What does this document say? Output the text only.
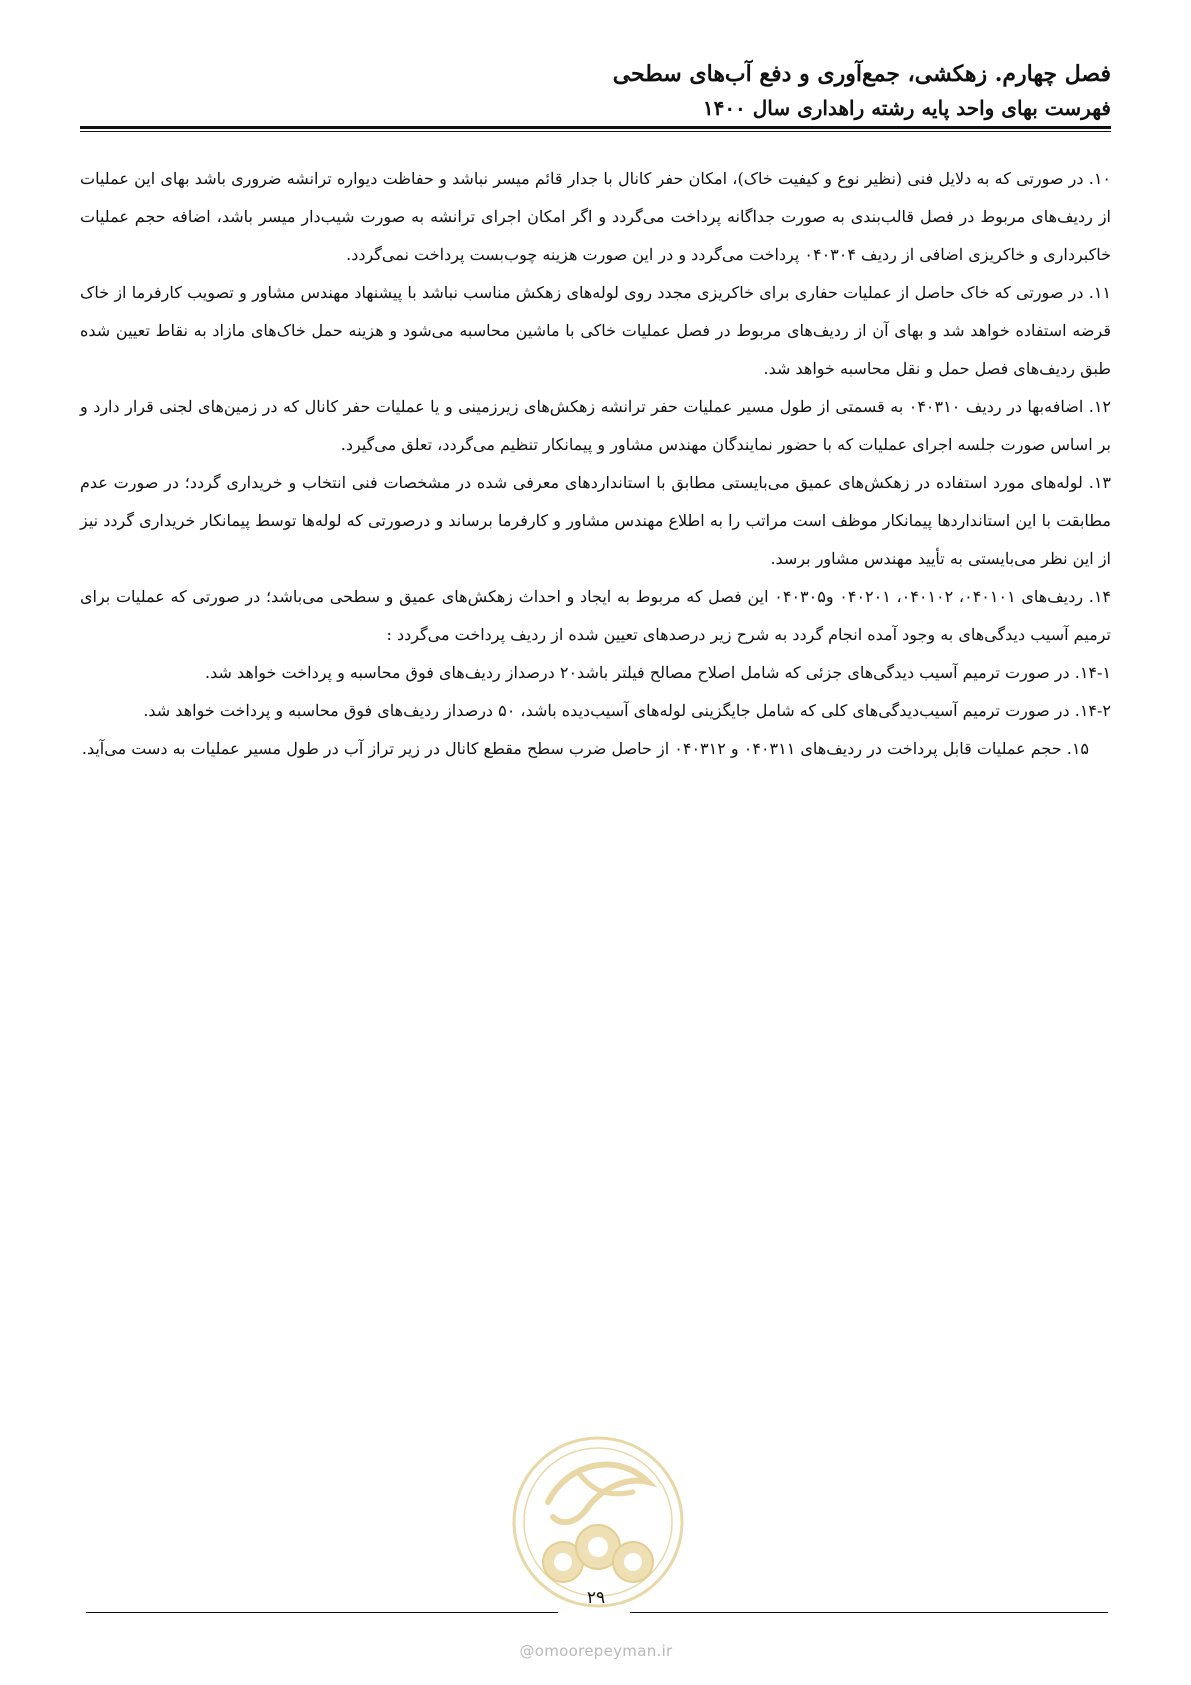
فصل چهارم. زهکشی، جمع‌آوری و دفع آب‌های سطحی
فهرست بهای واحد پایه رشته راهداری سال ۱۴۰۰

۱۰. در صورتی که به دلایل فنی (نظیر نوع و کیفیت خاک)، امکان حفر کانال با جدار قائم میسر نباشد و حفاظت دیواره ترانشه ضروری باشد بهای این عملیات از ردیف‌های مربوط در فصل قالب‌بندی به صورت جداگانه پرداخت می‌گردد و اگر امکان اجرای ترانشه به صورت شیب‌دار میسر باشد، اضافه حجم عملیات خاکبرداری و خاکریزی اضافی از ردیف ۰۴۰۳۰۴ پرداخت می‌گردد و در این صورت هزینه چوب‌بست پرداخت نمی‌گردد.

۱۱. در صورتی که خاک حاصل از عملیات حفاری برای خاکریزی مجدد روی لوله‌های زهکش مناسب نباشد با پیشنهاد مهندس مشاور و تصویب کارفرما از خاک قرضه استفاده خواهد شد و بهای آن از ردیف‌های مربوط در فصل عملیات خاکی با ماشین محاسبه می‌شود و هزینه حمل خاک‌های مازاد به نقاط تعیین شده طبق ردیف‌های فصل حمل و نقل محاسبه خواهد شد.

۱۲. اضافه‌بها در ردیف ۰۴۰۳۱۰ به قسمتی از طول مسیر عملیات حفر ترانشه زهکش‌های زیرزمینی و یا عملیات حفر کانال که در زمین‌های لجنی قرار دارد و بر اساس صورت جلسه اجرای عملیات که با حضور نمایندگان مهندس مشاور و پیمانکار تنظیم می‌گردد، تعلق می‌گیرد.

۱۳. لوله‌های مورد استفاده در زهکش‌های عمیق می‌بایستی مطابق با استانداردهای معرفی شده در مشخصات فنی انتخاب و خریداری گردد؛ در صورت عدم مطابقت با این استانداردها پیمانکار موظف است مراتب را به اطلاع مهندس مشاور و کارفرما برساند و درصورتی که لوله‌ها توسط پیمانکار خریداری گردد نیز از این نظر می‌بایستی به تأیید مهندس مشاور برسد.

۱۴. ردیف‌های ۰۴۰۱۰۱، ۰۴۰۱۰۲، ۰۴۰۲۰۱ و۰۴۰۳۰۵ این فصل که مربوط به ایجاد و احداث زهکش‌های عمیق و سطحی می‌باشد؛ در صورتی که عملیات برای ترمیم آسیب دیدگی‌های به وجود آمده انجام گردد به شرح زیر درصدهای تعیین شده از ردیف پرداخت می‌گردد :

۱۴-۱. در صورت ترمیم آسیب دیدگی‌های جزئی که شامل اصلاح مصالح فیلتر باشد۲۰ درصداز ردیف‌های فوق محاسبه و پرداخت خواهد شد.

۱۴-۲. در صورت ترمیم آسیب‌دیدگی‌های کلی که شامل جایگزینی لوله‌های آسیب‌دیده باشد، ۵۰ درصداز ردیف‌های فوق محاسبه و پرداخت خواهد شد.

۱۵. حجم عملیات قابل پرداخت در ردیف‌های ۰۴۰۳۱۱ و ۰۴۰۳۱۲ از حاصل ضرب سطح مقطع کانال در زیر تراز آب در طول مسیر عملیات به دست می‌آید.

۲۹
@omoorepeyman.ir
